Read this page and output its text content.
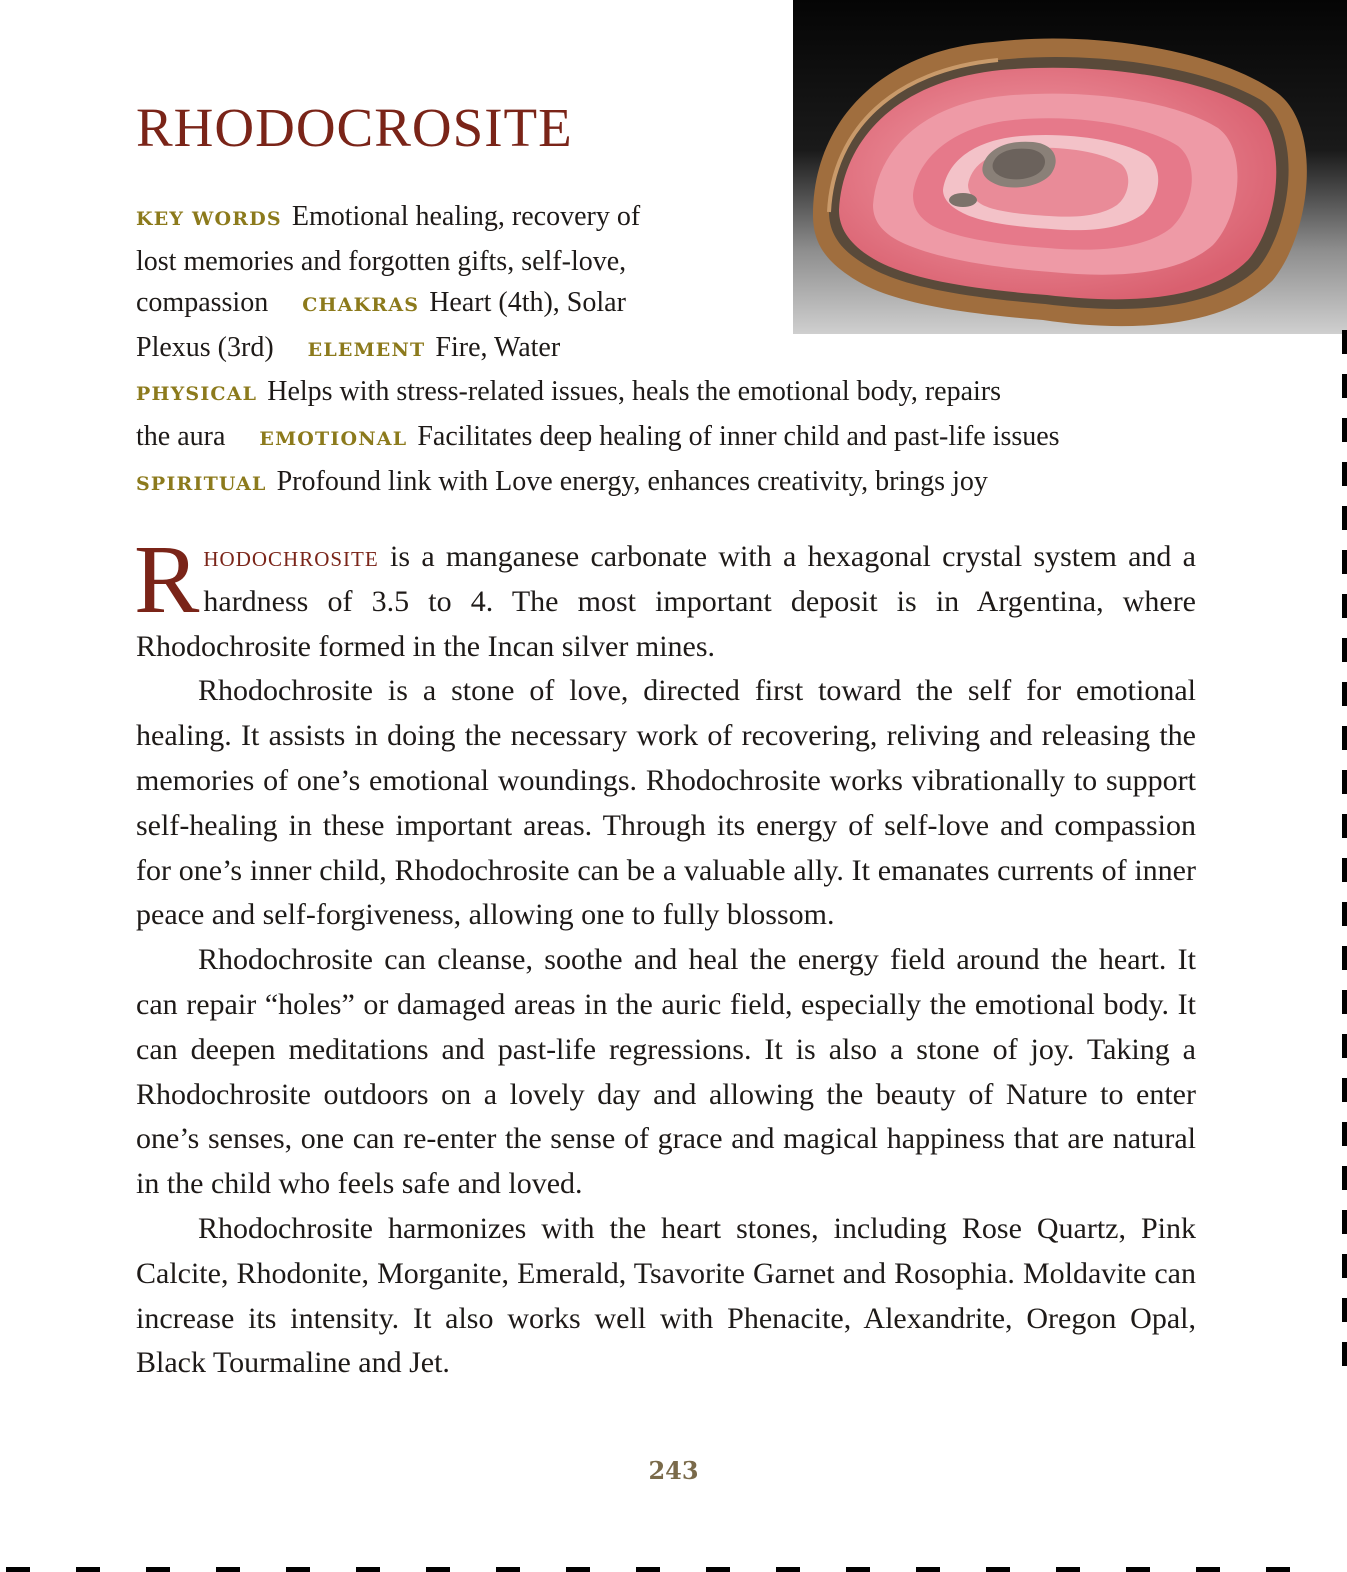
RHODOCROSITE
KEY WORDS Emotional healing, recovery of
lost memories and forgotten gifts, self-love,
compassion CHAKRAS Heart (4th), Solar
Plexus (3rd) ELEMENT Fire, Water
PHYSICAL Helps with stress-related issues, heals the emotional body, repairs
the aura EMOTIONAL Facilitates deep healing of inner child and past-life issues
SPIRITUAL Profound link with Love energy, enhances creativity, brings joy

Rhodochrosite is a manganese carbonate with a hexagonal crystal system and a hardness of 3.5 to 4. The most important deposit is in Argentina, where Rhodochrosite formed in the Incan silver mines.

Rhodochrosite is a stone of love, directed first toward the self for emotional healing. It assists in doing the necessary work of recovering, reliving and releasing the memories of one’s emotional woundings. Rhodochrosite works vibrationally to support self-healing in these important areas. Through its energy of self-love and compassion for one’s inner child, Rhodochrosite can be a valuable ally. It emanates currents of inner peace and self-forgiveness, allowing one to fully blossom.

Rhodochrosite can cleanse, soothe and heal the energy field around the heart. It can repair “holes” or damaged areas in the auric field, especially the emotional body. It can deepen meditations and past-life regressions. It is also a stone of joy. Taking a Rhodochrosite outdoors on a lovely day and allowing the beauty of Nature to enter one’s senses, one can re-enter the sense of grace and magical happiness that are natural in the child who feels safe and loved.

Rhodochrosite harmonizes with the heart stones, including Rose Quartz, Pink Calcite, Rhodonite, Morganite, Emerald, Tsavorite Garnet and Rosophia. Moldavite can increase its intensity. It also works well with Phenacite, Alexandrite, Oregon Opal, Black Tourmaline and Jet.

243
